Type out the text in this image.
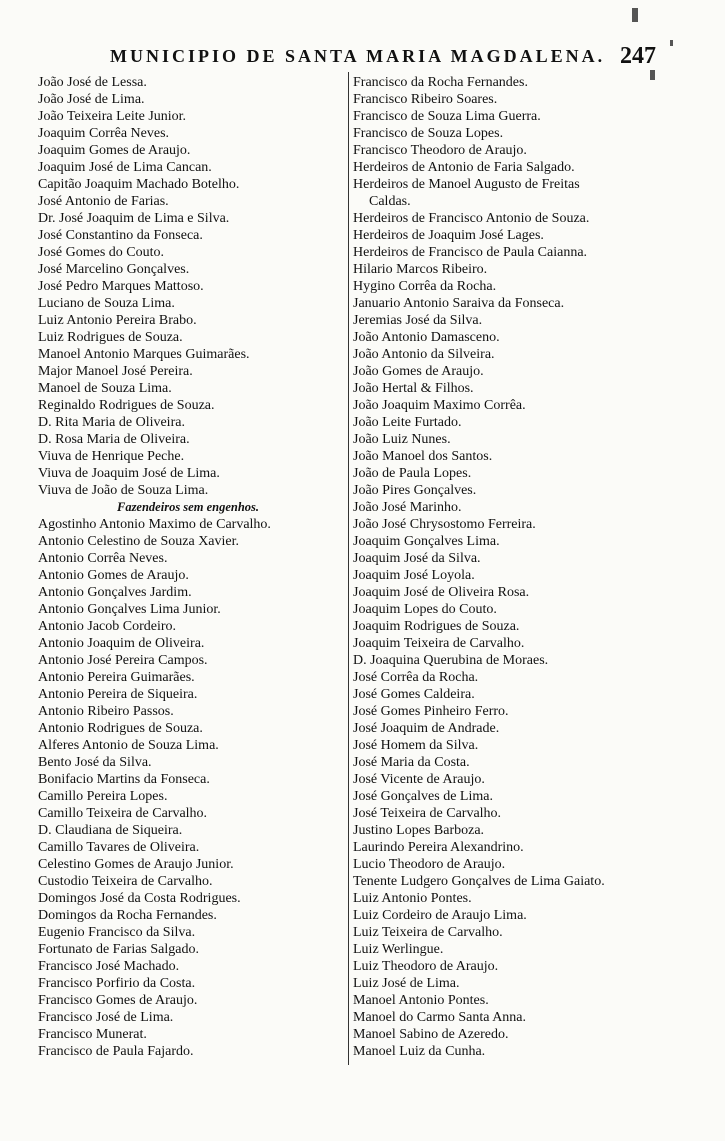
MUNICIPIO DE SANTA MARIA MAGDALENA. 247
João José de Lessa.
João José de Lima.
João Teixeira Leite Junior.
Joaquim Corrêa Neves.
Joaquim Gomes de Araujo.
Joaquim José de Lima Cancan.
Capitão Joaquim Machado Botelho.
José Antonio de Farias.
Dr. José Joaquim de Lima e Silva.
José Constantino da Fonseca.
José Gomes do Couto.
José Marcelino Gonçalves.
José Pedro Marques Mattoso.
Luciano de Souza Lima.
Luiz Antonio Pereira Brabo.
Luiz Rodrigues de Souza.
Manoel Antonio Marques Guimarães.
Major Manoel José Pereira.
Manoel de Souza Lima.
Reginaldo Rodrigues de Souza.
D. Rita Maria de Oliveira.
D. Rosa Maria de Oliveira.
Viuva de Henrique Peche.
Viuva de Joaquim José de Lima.
Viuva de João de Souza Lima.
Fazendeiros sem engenhos.
Agostinho Antonio Maximo de Carvalho.
Antonio Celestino de Souza Xavier.
Antonio Corrêa Neves.
Antonio Gomes de Araujo.
Antonio Gonçalves Jardim.
Antonio Gonçalves Lima Junior.
Antonio Jacob Cordeiro.
Antonio Joaquim de Oliveira.
Antonio José Pereira Campos.
Antonio Pereira Guimarães.
Antonio Pereira de Siqueira.
Antonio Ribeiro Passos.
Antonio Rodrigues de Souza.
Alferes Antonio de Souza Lima.
Bento José da Silva.
Bonifacio Martins da Fonseca.
Camillo Pereira Lopes.
Camillo Teixeira de Carvalho.
D. Claudiana de Siqueira.
Camillo Tavares de Oliveira.
Celestino Gomes de Araujo Junior.
Custodio Teixeira de Carvalho.
Domingos José da Costa Rodrigues.
Domingos da Rocha Fernandes.
Eugenio Francisco da Silva.
Fortunato de Farias Salgado.
Francisco José Machado.
Francisco Porfirio da Costa.
Francisco Gomes de Araujo.
Francisco José de Lima.
Francisco Munerat.
Francisco de Paula Fajardo.
Francisco da Rocha Fernandes.
Francisco Ribeiro Soares.
Francisco de Souza Lima Guerra.
Francisco de Souza Lopes.
Francisco Theodoro de Araujo.
Herdeiros de Antonio de Faria Salgado.
Herdeiros de Manoel Augusto de Freitas
Caldas.
Herdeiros de Francisco Antonio de Souza.
Herdeiros de Joaquim José Lages.
Herdeiros de Francisco de Paula Caianna.
Hilario Marcos Ribeiro.
Hygino Corrêa da Rocha.
Januario Antonio Saraiva da Fonseca.
Jeremias José da Silva.
João Antonio Damasceno.
João Antonio da Silveira.
João Gomes de Araujo.
João Hertal & Filhos.
João Joaquim Maximo Corrêa.
João Leite Furtado.
João Luiz Nunes.
João Manoel dos Santos.
João de Paula Lopes.
João Pires Gonçalves.
João José Marinho.
João José Chrysostomo Ferreira.
Joaquim Gonçalves Lima.
Joaquim José da Silva.
Joaquim José Loyola.
Joaquim José de Oliveira Rosa.
Joaquim Lopes do Couto.
Joaquim Rodrigues de Souza.
Joaquim Teixeira de Carvalho.
D. Joaquina Querubina de Moraes.
José Corrêa da Rocha.
José Gomes Caldeira.
José Gomes Pinheiro Ferro.
José Joaquim de Andrade.
José Homem da Silva.
José Maria da Costa.
José Vicente de Araujo.
José Gonçalves de Lima.
José Teixeira de Carvalho.
Justino Lopes Barboza.
Laurindo Pereira Alexandrino.
Lucio Theodoro de Araujo.
Tenente Ludgero Gonçalves de Lima Gaiato.
Luiz Antonio Pontes.
Luiz Cordeiro de Araujo Lima.
Luiz Teixeira de Carvalho.
Luiz Werlingue.
Luiz Theodoro de Araujo.
Luiz José de Lima.
Manoel Antonio Pontes.
Manoel do Carmo Santa Anna.
Manoel Sabino de Azeredo.
Manoel Luiz da Cunha.
